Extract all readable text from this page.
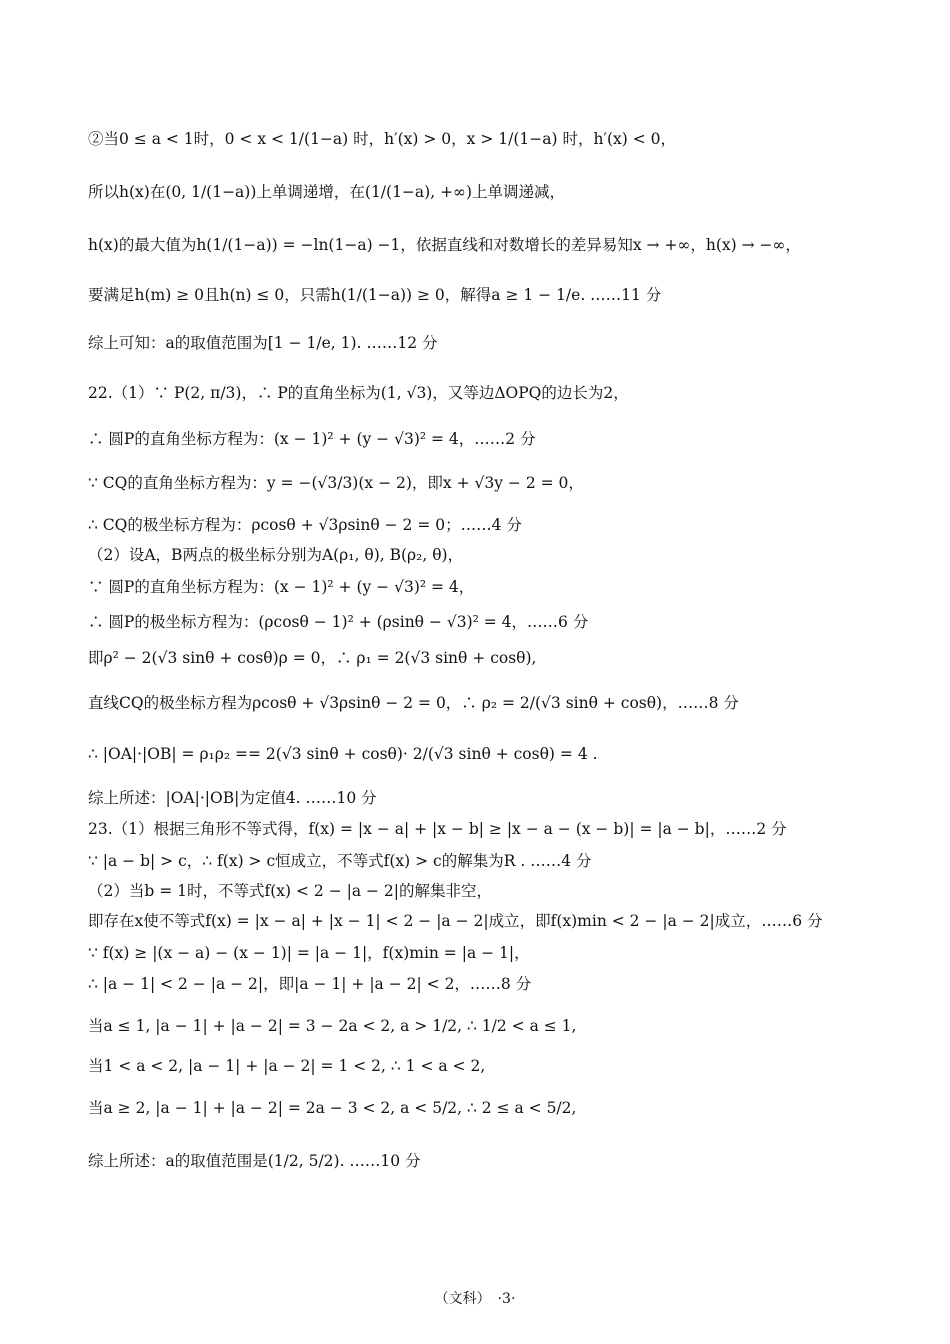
②当0 ≤ a < 1时，0 < x < 1/(1−a) 时，h′(x) > 0，x > 1/(1−a) 时，h′(x) < 0，
所以h(x)在(0, 1/(1−a))上单调递增，在(1/(1−a), +∞)上单调递减，
h(x)的最大值为h(1/(1−a)) = −ln(1−a) −1，依据直线和对数增长的差异易知x → +∞，h(x) → −∞，
要满足h(m) ≥ 0且h(n) ≤ 0，只需h(1/(1−a)) ≥ 0，解得a ≥ 1 − 1/e. ……11 分
综上可知：a的取值范围为[1 − 1/e, 1). ……12 分
22.（1）∵ P(2, π/3)，∴ P的直角坐标为(1, √3)，又等边ΔOPQ的边长为2，
∴ 圆P的直角坐标方程为：(x − 1)² + (y − √3)² = 4，……2 分
∵ CQ的直角坐标方程为：y = −(√3/3)(x − 2)，即x + √3y − 2 = 0，
∴ CQ的极坐标方程为：ρcosθ + √3ρsinθ − 2 = 0；……4 分
（2）设A，B两点的极坐标分别为A(ρ₁, θ), B(ρ₂, θ)，
∵ 圆P的直角坐标方程为：(x − 1)² + (y − √3)² = 4，
∴ 圆P的极坐标方程为：(ρcosθ − 1)² + (ρsinθ − √3)² = 4，……6 分
即ρ² − 2(√3 sinθ + cosθ)ρ = 0，∴ ρ₁ = 2(√3 sinθ + cosθ),
直线CQ的极坐标方程为ρcosθ + √3ρsinθ − 2 = 0，∴ ρ₂ = 2/(√3 sinθ + cosθ)，……8 分
∴ |OA|·|OB| = ρ₁ρ₂ == 2(√3 sinθ + cosθ)· 2/(√3 sinθ + cosθ) = 4 .
综上所述：|OA|·|OB|为定值4. ……10 分
23.（1）根据三角形不等式得，f(x) = |x − a| + |x − b| ≥ |x − a − (x − b)| = |a − b|，……2 分
∵ |a − b| > c，∴ f(x) > c恒成立，不等式f(x) > c的解集为R . ……4 分
（2）当b = 1时，不等式f(x) < 2 − |a − 2|的解集非空，
即存在x使不等式f(x) = |x − a| + |x − 1| < 2 − |a − 2|成立，即f(x)min < 2 − |a − 2|成立，……6 分
∵ f(x) ≥ |(x − a) − (x − 1)| = |a − 1|，f(x)min = |a − 1|，
∴ |a − 1| < 2 − |a − 2|，即|a − 1| + |a − 2| < 2，……8 分
当a ≤ 1, |a − 1| + |a − 2| = 3 − 2a < 2, a > 1/2, ∴ 1/2 < a ≤ 1,
当1 < a < 2, |a − 1| + |a − 2| = 1 < 2, ∴ 1 < a < 2,
当a ≥ 2, |a − 1| + |a − 2| = 2a − 3 < 2, a < 5/2, ∴ 2 ≤ a < 5/2,
综上所述：a的取值范围是(1/2, 5/2). ……10 分
（文科）　·3·
